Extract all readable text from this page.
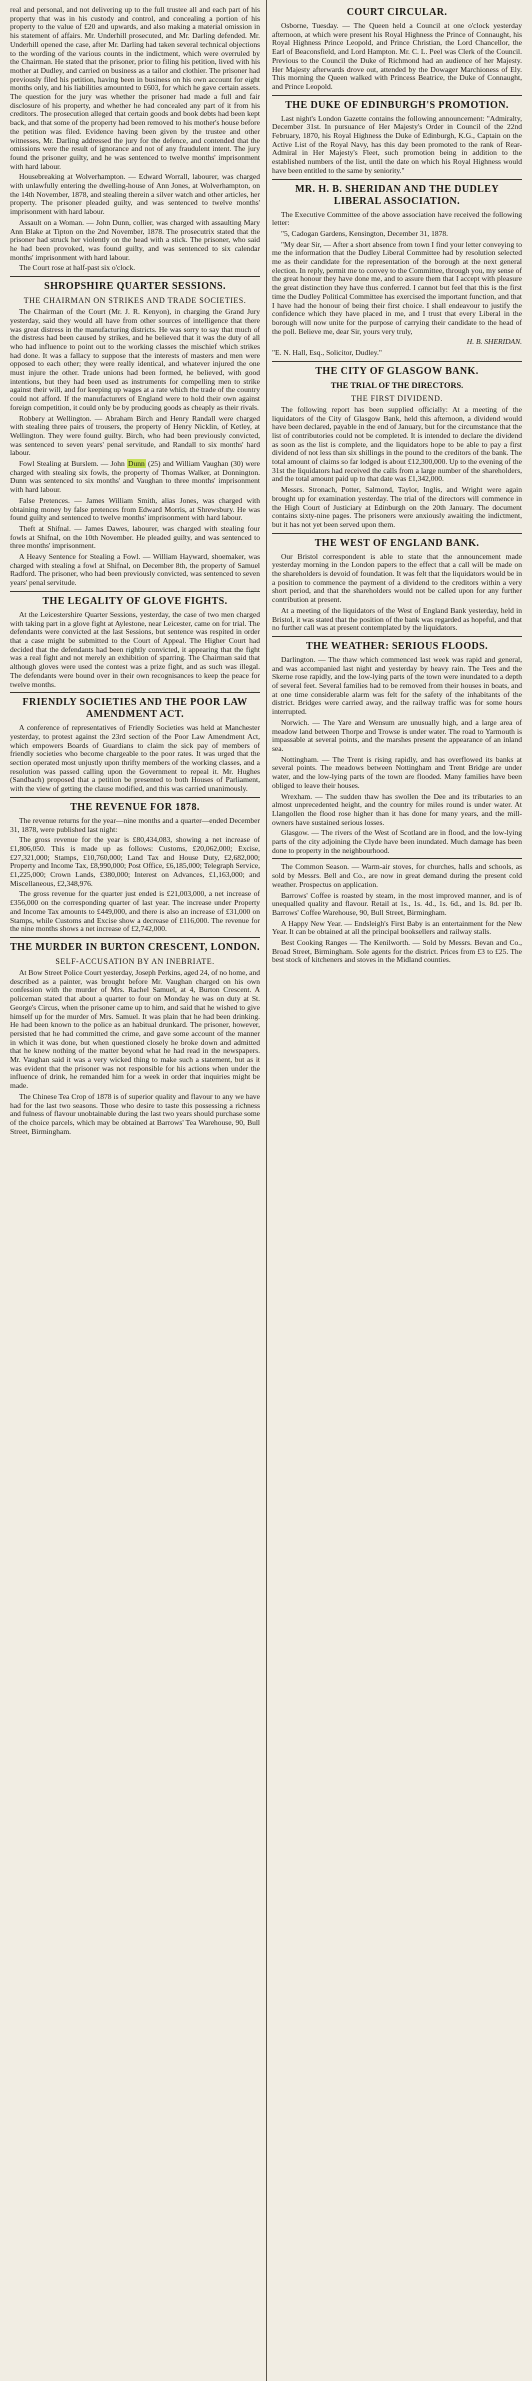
real and personal, and not delivering up to the full trustee all and each part of his property that was in his custody and control, and concealing a portion of his property to the value of £20 and upwards, and also making a material omission in his statement of affairs. Mr. Underhill prosecuted, and Mr. Darling defended. Mr. Underhill opened the case, after Mr. Darling had taken several technical objections to the wording of the various counts in the indictment, which were overruled by the Chairman. He stated that the prisoner, prior to filing his petition, lived with his mother at Dudley, and carried on business as a tailor and clothier. The prisoner had previously filed his petition, having been in business on his own account for eight months only, and his liabilities amounted to £603, for which he gave certain assets. The question for the jury was whether the prisoner had made a full and fair disclosure of his property, and whether he had concealed any part of it from his creditors. The prosecution alleged that certain goods and book debts had been kept back, and that some of the property had been removed to his mother's house before the petition was filed. Evidence having been given by the trustee and other witnesses, Mr. Darling addressed the jury for the defence, and contended that the omissions were the result of ignorance and not of any fraudulent intent. The jury found the prisoner guilty, and he was sentenced to twelve months' imprisonment with hard labour.

Housebreaking at Wolverhampton. — Edward Worrall, labourer, was charged with unlawfully entering the dwelling-house of Ann Jones, at Wolverhampton, on the 14th November, 1878, and stealing therein a silver watch and other articles, her property. The prisoner pleaded guilty, and was sentenced to twelve months' imprisonment with hard labour.

Assault on a Woman. — John Dunn, collier, was charged with assaulting Mary Ann Blake at Tipton on the 2nd November, 1878. The prosecutrix stated that the prisoner had struck her violently on the head with a stick. The prisoner, who said he had been provoked, was found guilty, and was sentenced to six calendar months' imprisonment with hard labour.

The Court rose at half-past six o'clock.

SHROPSHIRE QUARTER SESSIONS.
THE CHAIRMAN ON STRIKES AND TRADE SOCIETIES.

The Chairman of the Court (Mr. J. R. Kenyon), in charging the Grand Jury yesterday, said they would all have from other sources of intelligence that there was great distress in the manufacturing districts. He was sorry to say that much of the distress had been caused by strikes, and he believed that it was the duty of all who had influence to point out to the working classes the mischief which strikes had done. It was a fallacy to suppose that the interests of masters and men were opposed to each other; they were really identical, and whatever injured the one must injure the other. Trade unions had been formed, he believed, with good intentions, but they had been used as instruments for compelling men to strike against their will, and for keeping up wages at a rate which the trade of the country could not afford. If the manufacturers of England were to hold their own against foreign competition, it could only be by producing goods as cheaply as their rivals.

Robbery at Wellington. — Abraham Birch and Henry Randall were charged with stealing three pairs of trousers, the property of Henry Nicklin, of Ketley, at Wellington. They were found guilty. Birch, who had been previously convicted, was sentenced to seven years' penal servitude, and Randall to six months' hard labour.

Fowl Stealing at Burslem. — John Dunn (25) and William Vaughan (30) were charged with stealing six fowls, the property of Thomas Walker, at Donnington. Dunn was sentenced to six months' and Vaughan to three months' imprisonment with hard labour.

False Pretences. — James William Smith, alias Jones, was charged with obtaining money by false pretences from Edward Morris, at Shrewsbury. He was found guilty and sentenced to twelve months' imprisonment with hard labour.

Theft at Shifnal. — James Dawes, labourer, was charged with stealing four fowls at Shifnal, on the 10th November. He pleaded guilty, and was sentenced to three months' imprisonment.

A Heavy Sentence for Stealing a Fowl. — William Hayward, shoemaker, was charged with stealing a fowl at Shifnal, on December 8th, the property of Samuel Radford. The prisoner, who had been previously convicted, was sentenced to seven years' penal servitude.

THE LEGALITY OF GLOVE FIGHTS.

At the Leicestershire Quarter Sessions, yesterday, the case of two men charged with taking part in a glove fight at Aylestone, near Leicester, came on for trial. The defendants were convicted at the last Sessions, but sentence was respited in order that a case might be submitted to the Court of Appeal. The Higher Court had decided that the defendants had been rightly convicted, it appearing that the fight was a real fight and not merely an exhibition of sparring. The Chairman said that although gloves were used the contest was a prize fight, and as such was illegal. The defendants were bound over in their own recognisances to keep the peace for twelve months.

FRIENDLY SOCIETIES AND THE POOR LAW AMENDMENT ACT.

A conference of representatives of Friendly Societies was held at Manchester yesterday, to protest against the 23rd section of the Poor Law Amendment Act, which empowers Boards of Guardians to claim the sick pay of members of friendly societies who become chargeable to the poor rates. It was urged that the section operated most unjustly upon thrifty members of the working classes, and a resolution was passed calling upon the Government to repeal it. Mr. Hughes (Sandbach) proposed that a petition be presented to both Houses of Parliament, with the view of getting the clause modified, and this was carried unanimously.

THE REVENUE FOR 1878.

The revenue returns for the year—nine months and a quarter—ended December 31, 1878, were published last night:

The gross revenue for the year is £80,434,083, showing a net increase of £1,806,050. This is made up as follows: Customs, £20,062,000; Excise, £27,321,000; Stamps, £10,760,000; Land Tax and House Duty, £2,682,000; Property and Income Tax, £8,990,000; Post Office, £6,185,000; Telegraph Service, £1,225,000; Crown Lands, £380,000; Interest on Advances, £1,163,000; and Miscellaneous, £2,348,976.

The gross revenue for the quarter just ended is £21,003,000, a net increase of £356,000 on the corresponding quarter of last year. The increase under Property and Income Tax amounts to £449,000, and there is also an increase of £31,000 on Stamps, while Customs and Excise show a decrease of £116,000. The revenue for the nine months shows a net increase of £2,742,000.

THE MURDER IN BURTON CRESCENT, LONDON.
SELF-ACCUSATION BY AN INEBRIATE.

At Bow Street Police Court yesterday, Joseph Perkins, aged 24, of no home, and described as a painter, was brought before Mr. Vaughan charged on his own confession with the murder of Mrs. Rachel Samuel, at 4, Burton Crescent. A policeman stated that about a quarter to four on Monday he was on duty at St. George's Circus, when the prisoner came up to him, and said that he wished to give himself up for the murder of Mrs. Samuel. It was plain that he had been drinking. He had been known to the police as an habitual drunkard. The prisoner, however, persisted that he had committed the crime, and gave some account of the manner in which it was done, but when questioned closely he broke down and admitted that he knew nothing of the matter beyond what he had read in the newspapers. Mr. Vaughan said it was a very wicked thing to make such a statement, but as it was evident that the prisoner was not responsible for his actions when under the influence of drink, he remanded him for a week in order that inquiries might be made.

The Chinese Tea Crop of 1878 is of superior quality and flavour to any we have had for the last two seasons. Those who desire to taste this possessing a richness and fulness of flavour unobtainable during the last two years should purchase some of the choice parcels, which may be obtained at Barrows' Tea Warehouse, 90, Bull Street, Birmingham.

COURT CIRCULAR.

Osborne, Tuesday. — The Queen held a Council at one o'clock yesterday afternoon, at which were present his Royal Highness the Prince of Connaught, his Royal Highness Prince Leopold, and Prince Christian, the Lord Chancellor, the Earl of Beaconsfield, and Lord Hampton. Mr. C. L. Peel was Clerk of the Council. Previous to the Council the Duke of Richmond had an audience of her Majesty. Her Majesty afterwards drove out, attended by the Dowager Marchioness of Ely. This morning the Queen walked with Princess Beatrice, the Duke of Connaught, and Prince Leopold.

THE DUKE OF EDINBURGH'S PROMOTION.

Last night's London Gazette contains the following announcement: "Admiralty, December 31st. In pursuance of Her Majesty's Order in Council of the 22nd February, 1870, his Royal Highness the Duke of Edinburgh, K.G., Captain on the Active List of the Royal Navy, has this day been promoted to the rank of Rear-Admiral in Her Majesty's Fleet, such promotion being in addition to the established numbers of the list, until the date on which his Royal Highness would have been entitled to the same by seniority."

MR. H. B. SHERIDAN AND THE DUDLEY LIBERAL ASSOCIATION.

The Executive Committee of the above association have received the following letter:

"5, Cadogan Gardens, Kensington, December 31, 1878.

"My dear Sir, — After a short absence from town I find your letter conveying to me the information that the Dudley Liberal Committee had by resolution selected me as their candidate for the representation of the borough at the next general election. In reply, permit me to convey to the Committee, through you, my sense of the great honour they have done me, and to assure them that I accept with pleasure the great distinction they have thus conferred. I cannot but feel that this is the first time the Dudley Political Committee has exercised the important function, and that I have had the honour of being their first choice. I shall endeavour to justify the confidence which they have placed in me, and I trust that every Liberal in the borough will now unite for the purpose of carrying their candidate to the head of the poll. Believe me, dear Sir, yours very truly,

H. B. SHERIDAN.

"E. N. Hall, Esq., Solicitor, Dudley."

THE CITY OF GLASGOW BANK.
THE TRIAL OF THE DIRECTORS.
THE FIRST DIVIDEND.

The following report has been supplied officially: At a meeting of the liquidators of the City of Glasgow Bank, held this afternoon, a dividend would have been declared, payable in the end of January, but for the circumstance that the list of contributories could not be completed. It is intended to declare the dividend as soon as the list is complete, and the liquidators hope to be able to pay a first dividend of not less than six shillings in the pound to the creditors of the bank. The total amount of claims so far lodged is about £12,300,000. Up to the evening of the 31st the liquidators had received the calls from a large number of the shareholders, and the total amount paid up to that date was £1,342,000.

Messrs. Stronach, Potter, Salmond, Taylor, Inglis, and Wright were again brought up for examination yesterday. The trial of the directors will commence in the High Court of Justiciary at Edinburgh on the 20th January. The document contains sixty-nine pages. The prisoners were anxiously awaiting the indictment, but it has not yet been served upon them.

THE WEST OF ENGLAND BANK.

Our Bristol correspondent is able to state that the announcement made yesterday morning in the London papers to the effect that a call will be made on the shareholders is devoid of foundation. It was felt that the liquidators would be in a position to commence the payment of a dividend to the creditors within a very short period, and that the shareholders would not be called upon for any further contribution at present.

At a meeting of the liquidators of the West of England Bank yesterday, held in Bristol, it was stated that the position of the bank was regarded as hopeful, and that no further call was at present contemplated by the liquidators.

THE WEATHER: SERIOUS FLOODS.

Darlington. — The thaw which commenced last week was rapid and general, and was accompanied last night and yesterday by heavy rain. The Tees and the Skerne rose rapidly, and the low-lying parts of the town were inundated to a depth of several feet. Several families had to be removed from their houses in boats, and at one time considerable alarm was felt for the safety of the inhabitants of the district. Bridges were carried away, and the railway traffic was for some hours interrupted.

Norwich. — The Yare and Wensum are unusually high, and a large area of meadow land between Thorpe and Trowse is under water. The road to Yarmouth is impassable at several points, and the marshes present the appearance of an inland sea.

Nottingham. — The Trent is rising rapidly, and has overflowed its banks at several points. The meadows between Nottingham and Trent Bridge are under water, and the low-lying parts of the town are flooded. Many families have been obliged to leave their houses.

Wrexham. — The sudden thaw has swollen the Dee and its tributaries to an almost unprecedented height, and the country for miles round is under water. At Llangollen the flood rose higher than it has done for many years, and the mill-owners have sustained serious losses.

Glasgow. — The rivers of the West of Scotland are in flood, and the low-lying parts of the city adjoining the Clyde have been inundated. Much damage has been done to property in the neighbourhood.

The Common Season. — Warm-air stoves, for churches, halls and schools, as sold by Messrs. Bell and Co., are now in great demand during the present cold weather. Prospectus on application.

Barrows' Coffee is roasted by steam, in the most improved manner, and is of unequalled quality and flavour. Retail at 1s., 1s. 4d., 1s. 6d., and 1s. 8d. per lb. Barrows' Coffee Warehouse, 90, Bull Street, Birmingham.

A Happy New Year. — Endsleigh's First Baby is an entertainment for the New Year. It can be obtained at all the principal booksellers and railway stalls.

Best Cooking Ranges — The Kenilworth. — Sold by Messrs. Bevan and Co., Broad Street, Birmingham. Sole agents for the district. Prices from £3 to £25. The best stock of kitcheners and stoves in the Midland counties.
